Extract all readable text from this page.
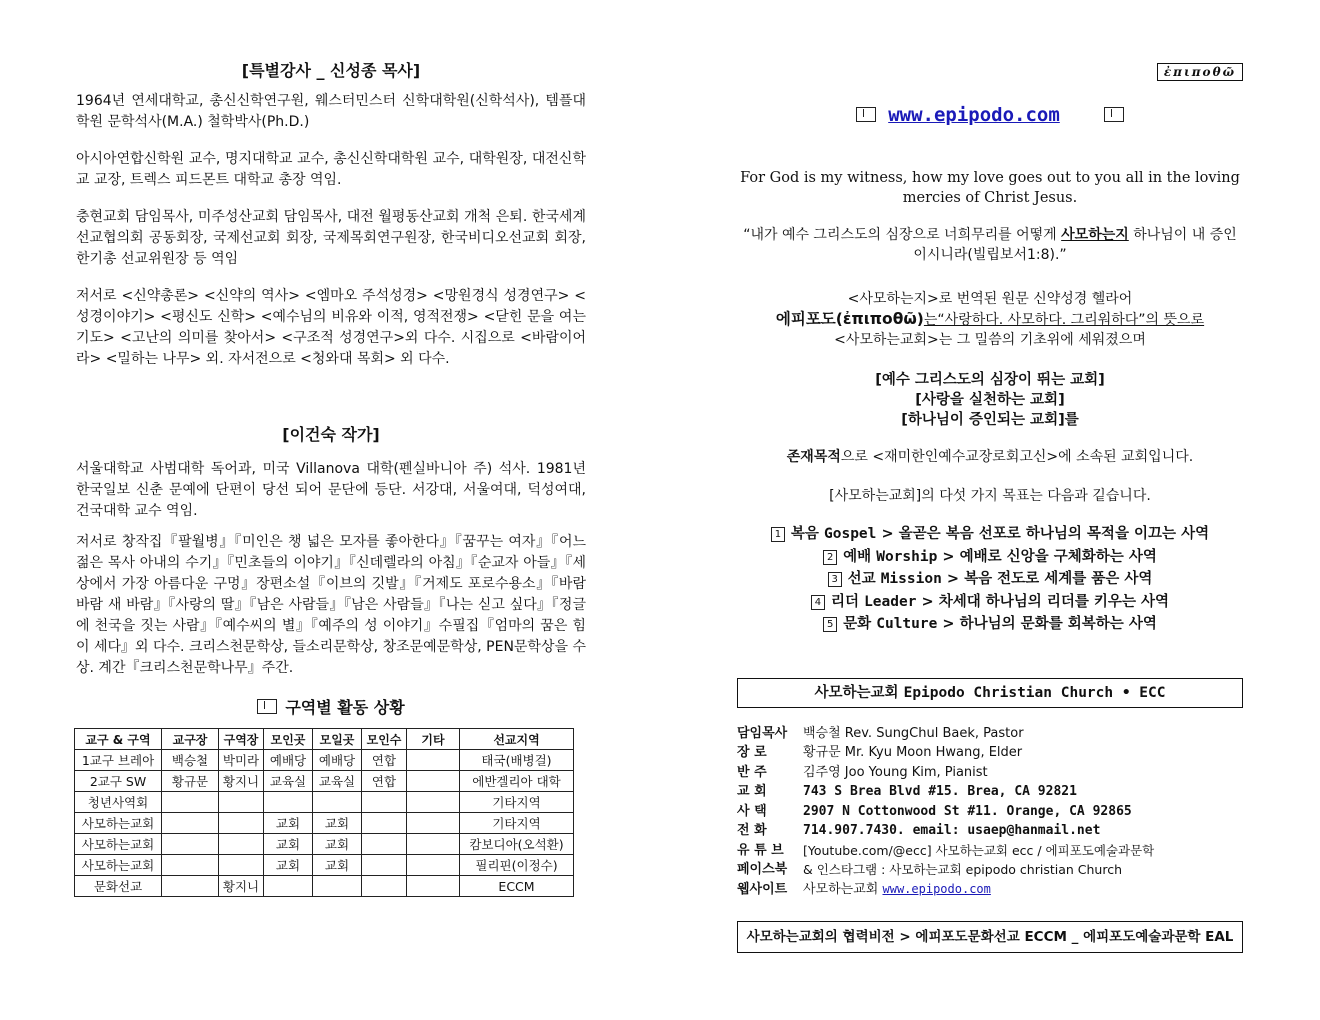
[특별강사 _ 신성종 목사]

1964년 연세대학교, 총신신학연구원, 웨스터민스터 신학대학원(신학석사), 템플대학원 문학석사(M.A.) 철학박사(Ph.D.)

아시아연합신학원 교수, 명지대학교 교수, 총신신학대학원 교수, 대학원장, 대전신학교 교장, 트렉스 피드몬트 대학교 총장 역임.

충현교회 담임목사, 미주성산교회 담임목사, 대전 월평동산교회 개척 은퇴. 한국세계선교협의회 공동회장, 국제선교회 회장, 국제목회연구원장, 한국비디오선교회 회장, 한기총 선교위원장 등 역임

저서로 <신약총론> <신약의 역사> <엠마오 주석성경> <망원경식 성경연구> <성경이야기> <평신도 신학> <예수님의 비유와 이적, 영적전쟁> <닫힌 문을 여는 기도> <고난의 의미를 찾아서> <구조적 성경연구>외 다수. 시집으로 <바람이어라> <밀하는 나무> 외. 자서전으로 <청와대 목회> 외 다수.

[이건숙 작가]

서울대학교 사범대학 독어과, 미국 Villanova 대학(펜실바니아 주) 석사. 1981년 한국일보 신춘 문예에 단편이 당선 되어 문단에 등단. 서강대, 서울여대, 덕성여대, 건국대학 교수 역임.

저서로 창작집『팔월병』『미인은 챙 넓은 모자를 좋아한다』『꿈꾸는 여자』『어느 젊은 목사 아내의 수기』『민초들의 이야기』『신데렐라의 아침』『순교자 아들』『세상에서 가장 아름다운 구멍』장편소설『이브의 깃발』『거제도 포로수용소』『바람 바람 새 바람』『사랑의 딸』『남은 사람들』『남은 사람들』『나는 싣고 싶다』『정글에 천국을 짓는 사람』『예수씨의 별』『예주의 성 이야기』수필집『엄마의 꿈은 힘이 세다』외 다수. 크리스천문학상, 들소리문학상, 창조문예문학상, PEN문학상을 수상. 계간『크리스천문학나무』주간.

구역별 활동 상황
교구 & 구역	교구장	구역장	모인곳	모일곳	모인수	기타	선교지역
1교구 브레아	백승철	박미라	예배당	예배당	연합		태국(배병걸)
2교구 SW	황규문	황지니	교육실	교육실	연합		에반겔리아 대학
청년사역회							기타지역
사모하는교회			교회	교회			기타지역
사모하는교회			교회	교회			캄보디아(오석환)
사모하는교회			교회	교회			필리핀(이정수)
문화선교		황지니					ECCM
ἐπιποθῶ
www.epipodo.com
For God is my witness, how my love goes out to you all in the loving mercies of Christ Jesus.
“내가 예수 그리스도의 심장으로 너희무리를 어떻게 사모하는지 하나님이 내 증인이시니라(빌립보서1:8).”
<사모하는지>로 번역된 원문 신약성경 헬라어
에피포도(ἐπιποθῶ)는“사랑하다. 사모하다. 그리워하다”의 뜻으로
<사모하는교회>는 그 밀씀의 기초위에 세워졌으며
[예수 그리스도의 심장이 뛰는 교회]
[사랑을 실천하는 교회]
[하나님이 증인되는 교회]를
존재목적으로 <재미한인예수교장로회고신>에 소속된 교회입니다.
[사모하는교회]의 다섯 가지 목표는 다음과 깉습니다.
1 복음 Gospel > 올곧은 복음 선포로 하나님의 목적을 이끄는 사역
2 예배 Worship > 예배로 신앙을 구체화하는 사역
3 선교 Mission > 복음 전도로 세계를 품은 사역
4 리더 Leader > 차세대 하나님의 리더를 키우는 사역
5 문화 Culture > 하나님의 문화를 회복하는 사역
사모하는교회 Epipodo Christian Church • ECC
담임목사	백승철 Rev. SungChul Baek, Pastor
장 로	황규문 Mr. Kyu Moon Hwang, Elder
반 주	김주영 Joo Young Kim, Pianist
교 회	743 S Brea Blvd #15. Brea, CA 92821
사 택	2907 N Cottonwood St #11. Orange, CA 92865
전 화	714.907.7430. email: usaep@hanmail.net
유 튜 브	[Youtube.com/@ecc] 사모하는교회 ecc / 에피포도예술과문학
페이스북	& 인스타그램 : 사모하는교회 epipodo christian Church
웹사이트	사모하는교회 www.epipodo.com
사모하는교회의 협력비전 > 에피포도문화선교 ECCM _ 에피포도예술과문학 EAL
